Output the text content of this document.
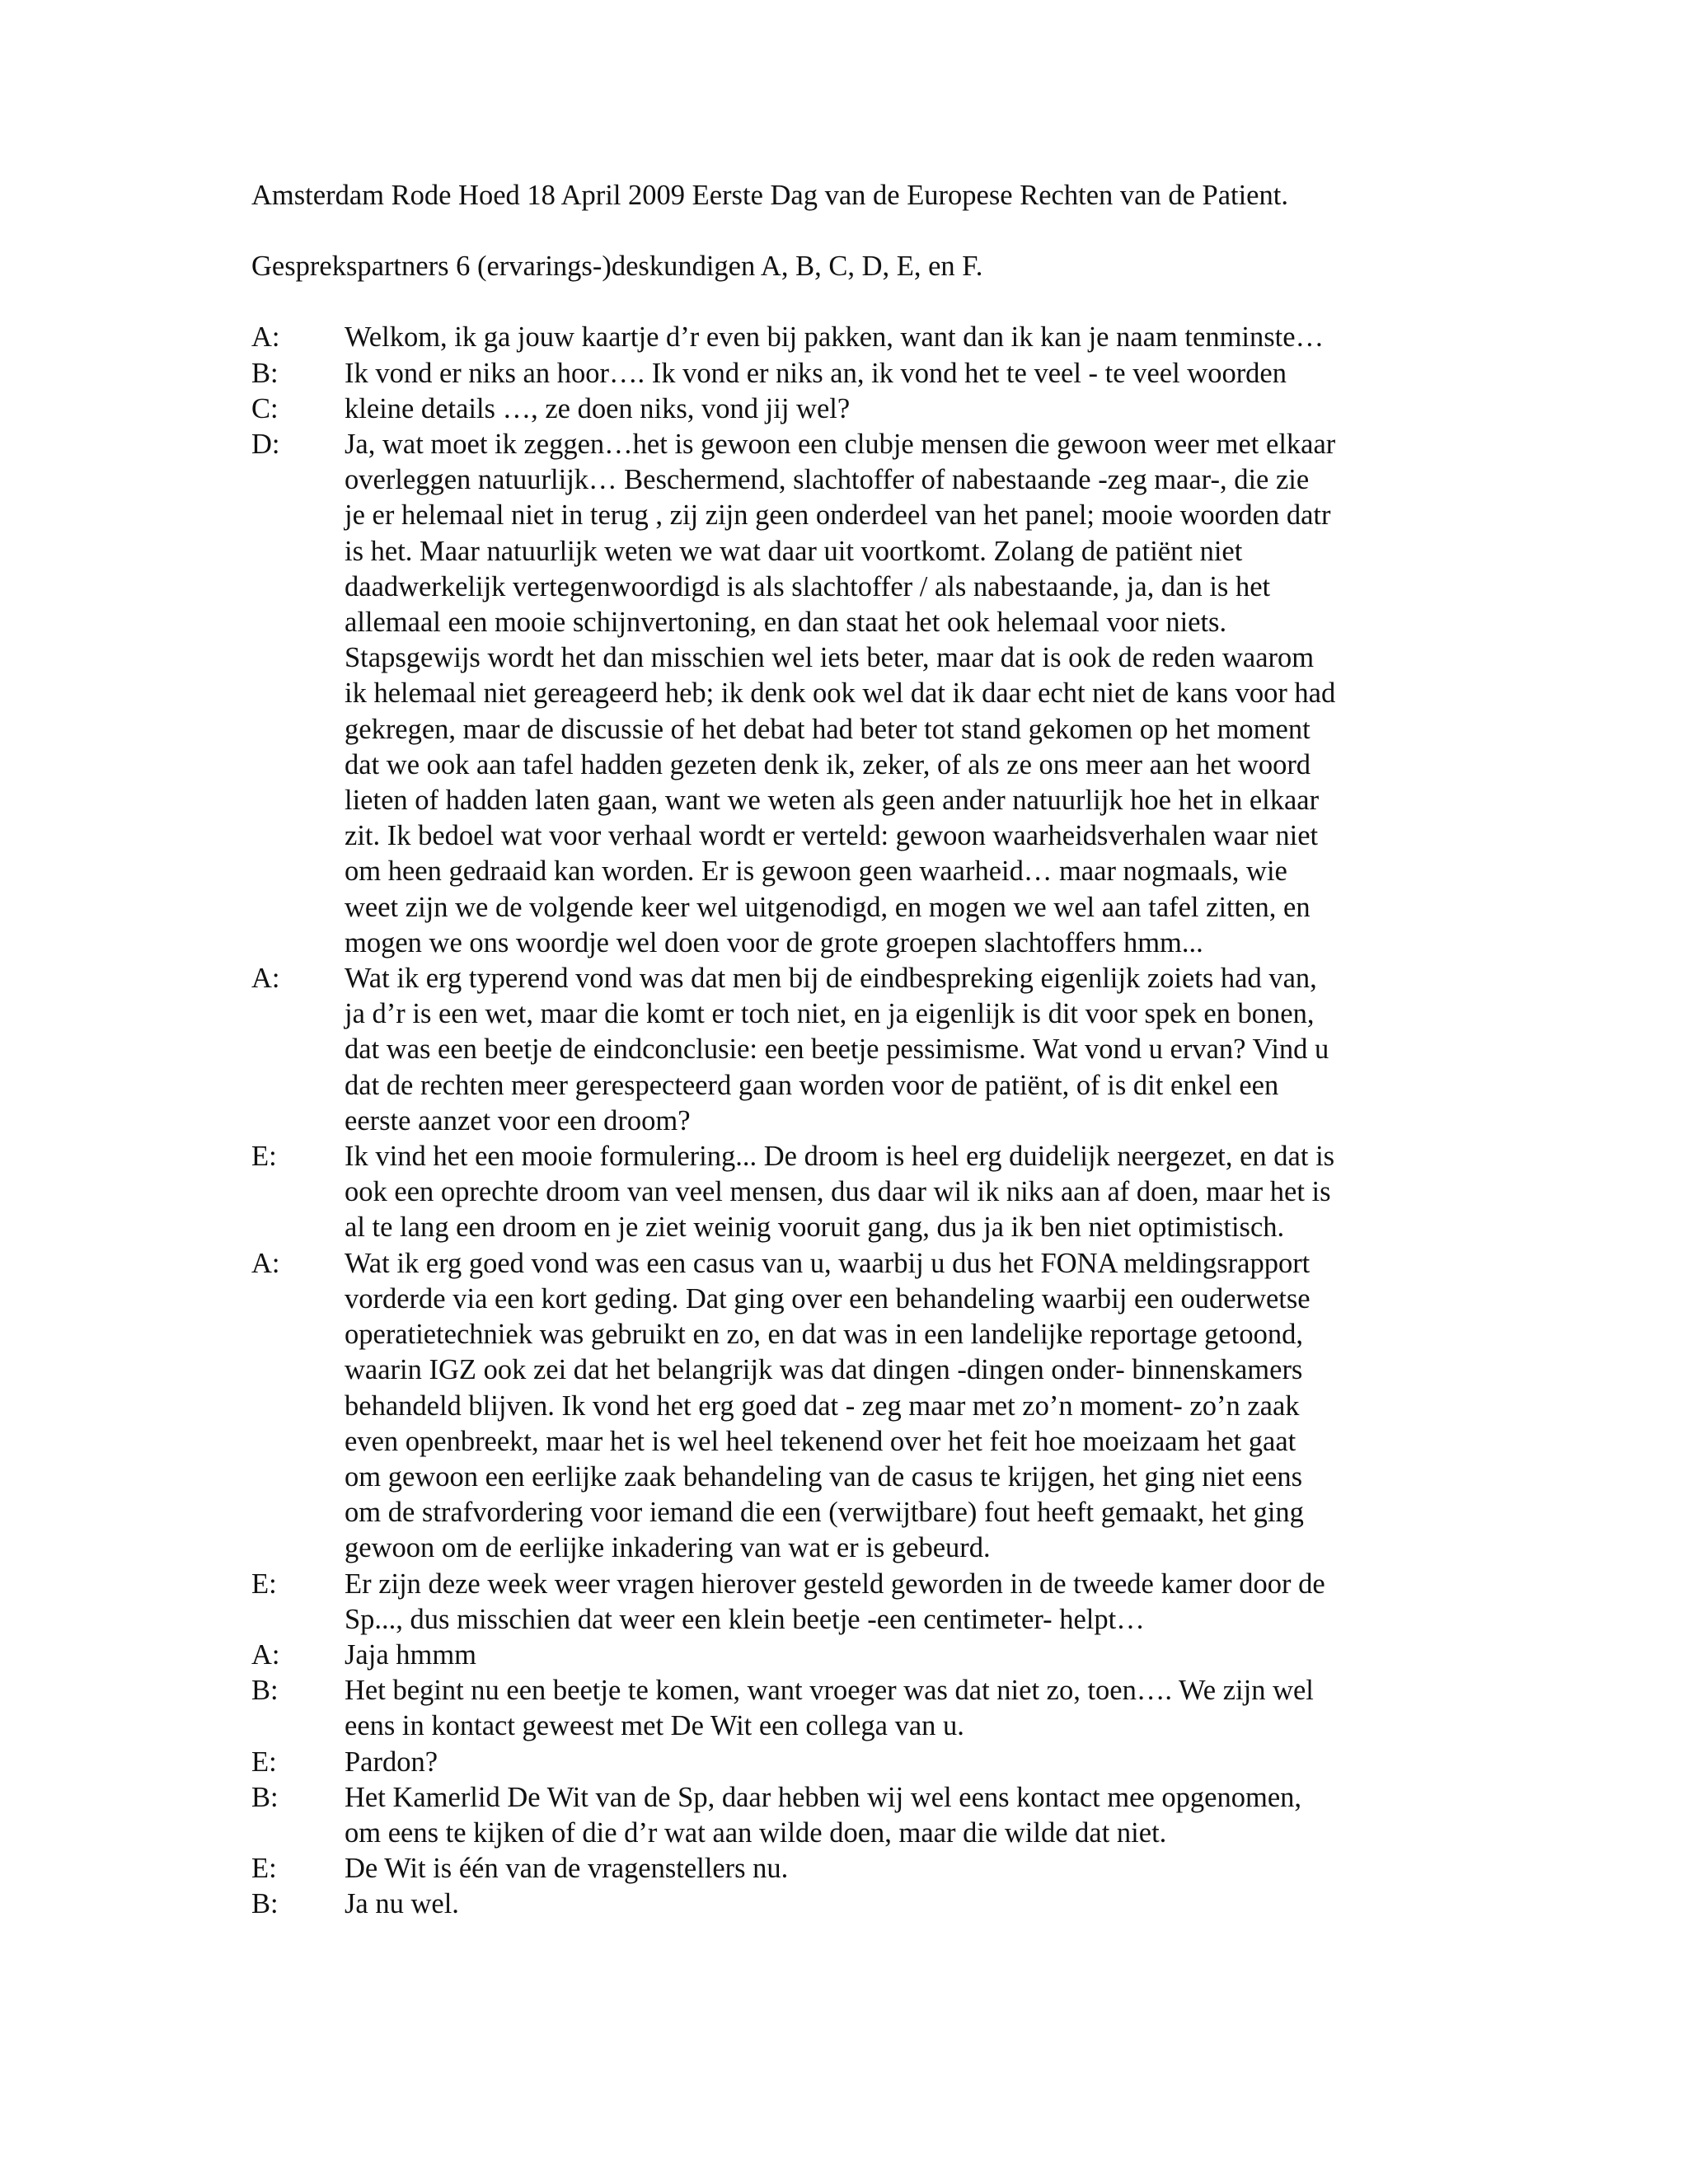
Amsterdam Rode Hoed 18 April 2009 Eerste Dag van de Europese Rechten van de Patient.

Gesprekspartners 6 (ervarings-)deskundigen A, B, C, D, E, en F.

A:	Welkom, ik ga jouw kaartje d’r even bij pakken, want dan ik kan je naam tenminste…

B:	Ik vond er niks an hoor…. Ik vond er niks an, ik vond het te veel - te veel woorden

C:	kleine details …, ze doen niks, vond jij wel?

D:	Ja, wat moet ik zeggen…het is gewoon een clubje mensen die gewoon weer met elkaar
overleggen natuurlijk… Beschermend, slachtoffer of nabestaande -zeg maar-, die zie
je er helemaal niet in terug , zij zijn geen onderdeel van het panel; mooie woorden datr
is het. Maar natuurlijk weten we wat daar uit voortkomt. Zolang de patiënt niet
daadwerkelijk vertegenwoordigd is als slachtoffer / als nabestaande, ja, dan is het
allemaal een mooie schijnvertoning, en dan staat het ook helemaal voor niets.
Stapsgewijs wordt het dan misschien wel iets beter, maar dat is ook de reden waarom
ik helemaal niet gereageerd heb; ik denk ook wel dat ik daar echt niet de kans voor had
gekregen, maar de discussie of het debat had beter tot stand gekomen op het moment
dat we ook aan tafel hadden gezeten denk ik, zeker, of als ze ons meer aan het woord
lieten of hadden laten gaan, want we weten als geen ander natuurlijk hoe het in elkaar
zit. Ik bedoel wat voor verhaal wordt er verteld: gewoon waarheidsverhalen waar niet
om heen gedraaid kan worden. Er is gewoon geen waarheid… maar nogmaals, wie
weet zijn we de volgende keer wel uitgenodigd, en mogen we wel aan tafel zitten, en
mogen we ons woordje wel doen voor de grote groepen slachtoffers hmm...

A:	Wat ik erg typerend vond was dat men bij de eindbespreking eigenlijk zoiets had van,
ja d’r is een wet, maar die komt er toch niet, en ja eigenlijk is dit voor spek en bonen,
dat was een beetje de eindconclusie: een beetje pessimisme. Wat vond u ervan? Vind u
dat de rechten meer gerespecteerd gaan worden voor de patiënt, of is dit enkel een
eerste aanzet voor een droom?

E:	Ik vind het een mooie formulering... De droom is heel erg duidelijk neergezet, en dat is
ook een oprechte droom van veel mensen, dus daar wil ik niks aan af doen, maar het is
al te lang een droom en je ziet weinig vooruit gang, dus ja ik ben niet optimistisch.

A:	Wat ik erg goed vond was een casus van u, waarbij u dus het FONA meldingsrapport
vorderde via een kort geding. Dat ging over een behandeling waarbij een ouderwetse
operatietechniek was gebruikt en zo, en dat was in een landelijke reportage getoond,
waarin IGZ ook zei dat het belangrijk was dat dingen -dingen onder- binnenskamers
behandeld blijven. Ik vond het erg goed dat - zeg maar met zo’n moment- zo’n zaak
even openbreekt, maar het is wel heel tekenend over het feit hoe moeizaam het gaat
om gewoon een eerlijke zaak behandeling van de casus te krijgen, het ging niet eens
om de strafvordering voor iemand die een (verwijtbare) fout heeft gemaakt, het ging
gewoon om de eerlijke inkadering van wat er is gebeurd.

E:	Er zijn deze week weer vragen hierover gesteld geworden in de tweede kamer door de
Sp..., dus misschien dat weer een klein beetje -een centimeter- helpt…

A:	Jaja hmmm

B:	Het begint nu een beetje te komen, want vroeger was dat niet zo, toen…. We zijn wel
eens in kontact geweest met De Wit een collega van u.

E:	Pardon?

B:	Het Kamerlid De Wit van de Sp, daar hebben wij wel eens kontact mee opgenomen,
om eens te kijken of die d’r wat aan wilde doen, maar die wilde dat niet.

E:	De Wit is één van de vragenstellers nu.

B:	Ja nu wel.
